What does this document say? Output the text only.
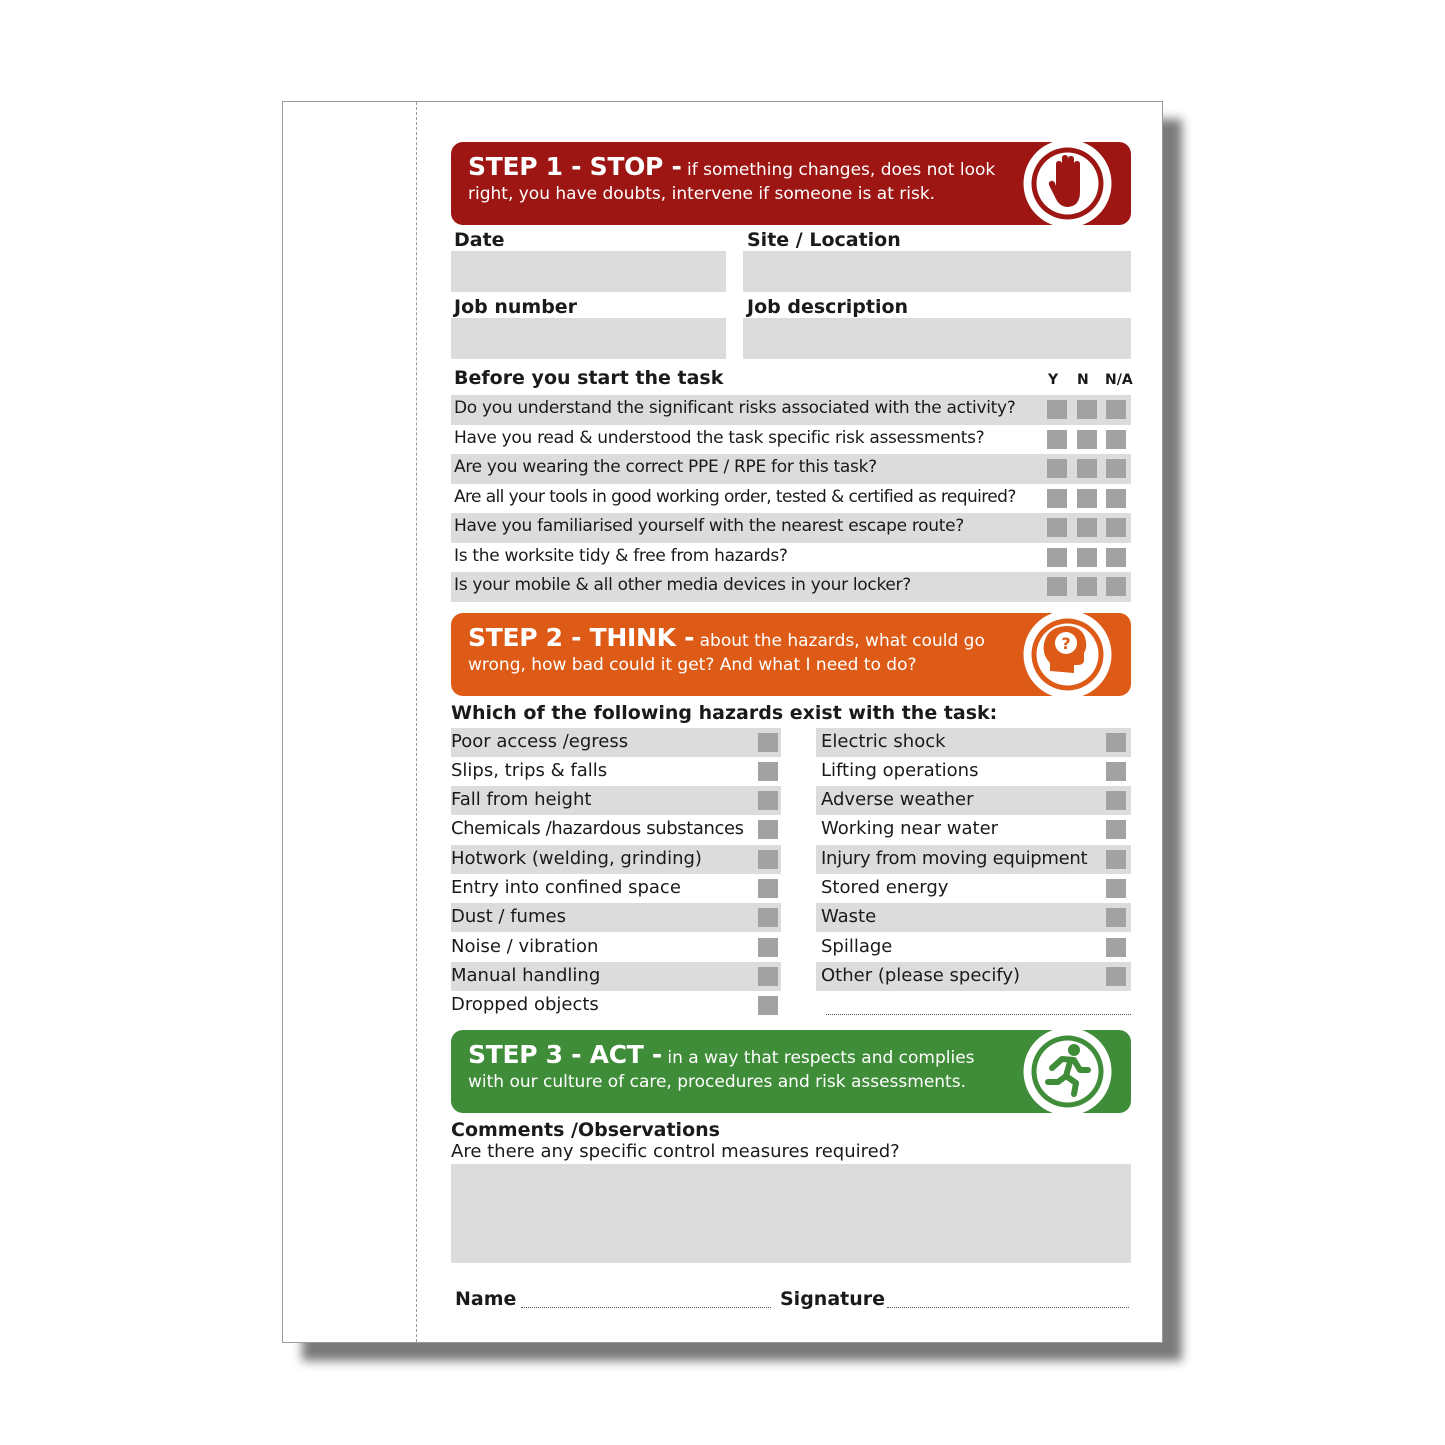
STEP 1 - STOP - if something changes, does not look right, you have doubts, intervene if someone is at risk.
Date	Site / Location
Job number	Job description
Before you start the task	Y N N/A
Do you understand the significant risks associated with the activity?
Have you read & understood the task specific risk assessments?
Are you wearing the correct PPE / RPE for this task?
Are all your tools in good working order, tested & certified as required?
Have you familiarised yourself with the nearest escape route?
Is the worksite tidy & free from hazards?
Is your mobile & all other media devices in your locker?
STEP 2 - THINK - about the hazards, what could go wrong, how bad could it get? And what I need to do?
?
Which of the following hazards exist with the task:
Poor access /egress	Electric shock
Slips, trips & falls	Lifting operations
Fall from height	Adverse weather
Chemicals /hazardous substances	Working near water
Hotwork (welding, grinding)	Injury from moving equipment
Entry into confined space	Stored energy
Dust / fumes	Waste
Noise / vibration	Spillage
Manual handling	Other (please specify)
Dropped objects
STEP 3 - ACT - in a way that respects and complies with our culture of care, procedures and risk assessments.
Comments /Observations
Are there any specific control measures required?
Name	Signature
